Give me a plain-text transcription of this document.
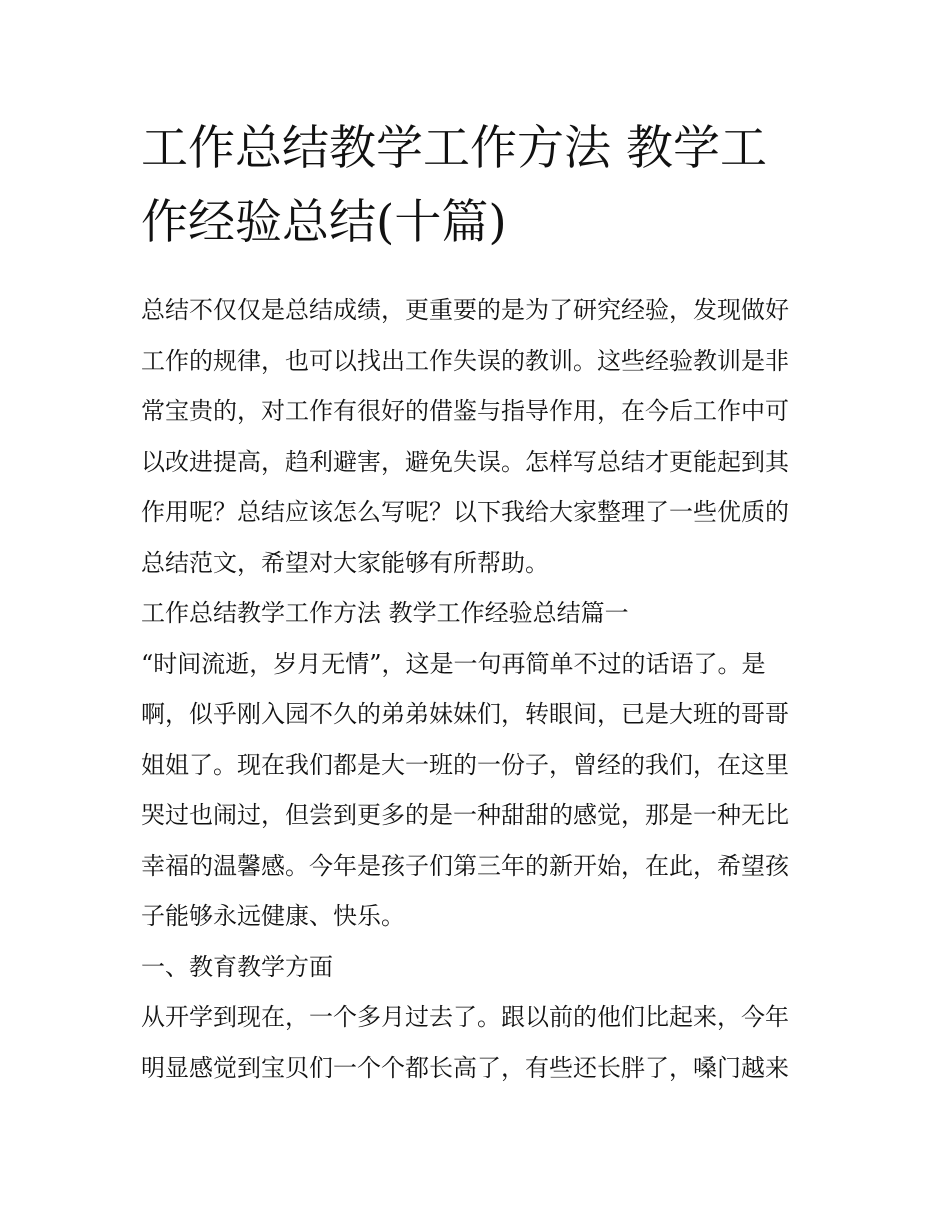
工作总结教学工作方法 教学工
作经验总结(十篇)

总结不仅仅是总结成绩，更重要的是为了研究经验，发现做好
工作的规律，也可以找出工作失误的教训。这些经验教训是非
常宝贵的，对工作有很好的借鉴与指导作用，在今后工作中可
以改进提高，趋利避害，避免失误。怎样写总结才更能起到其
作用呢？总结应该怎么写呢？以下我给大家整理了一些优质的
总结范文，希望对大家能够有所帮助。

工作总结教学工作方法 教学工作经验总结篇一

“时间流逝，岁月无情”，这是一句再简单不过的话语了。是
啊，似乎刚入园不久的弟弟妹妹们，转眼间，已是大班的哥哥
姐姐了。现在我们都是大一班的一份子，曾经的我们，在这里
哭过也闹过，但尝到更多的是一种甜甜的感觉，那是一种无比
幸福的温馨感。今年是孩子们第三年的新开始，在此，希望孩
子能够永远健康、快乐。

一、教育教学方面

从开学到现在，一个多月过去了。跟以前的他们比起来，今年
明显感觉到宝贝们一个个都长高了，有些还长胖了，嗓门越来
